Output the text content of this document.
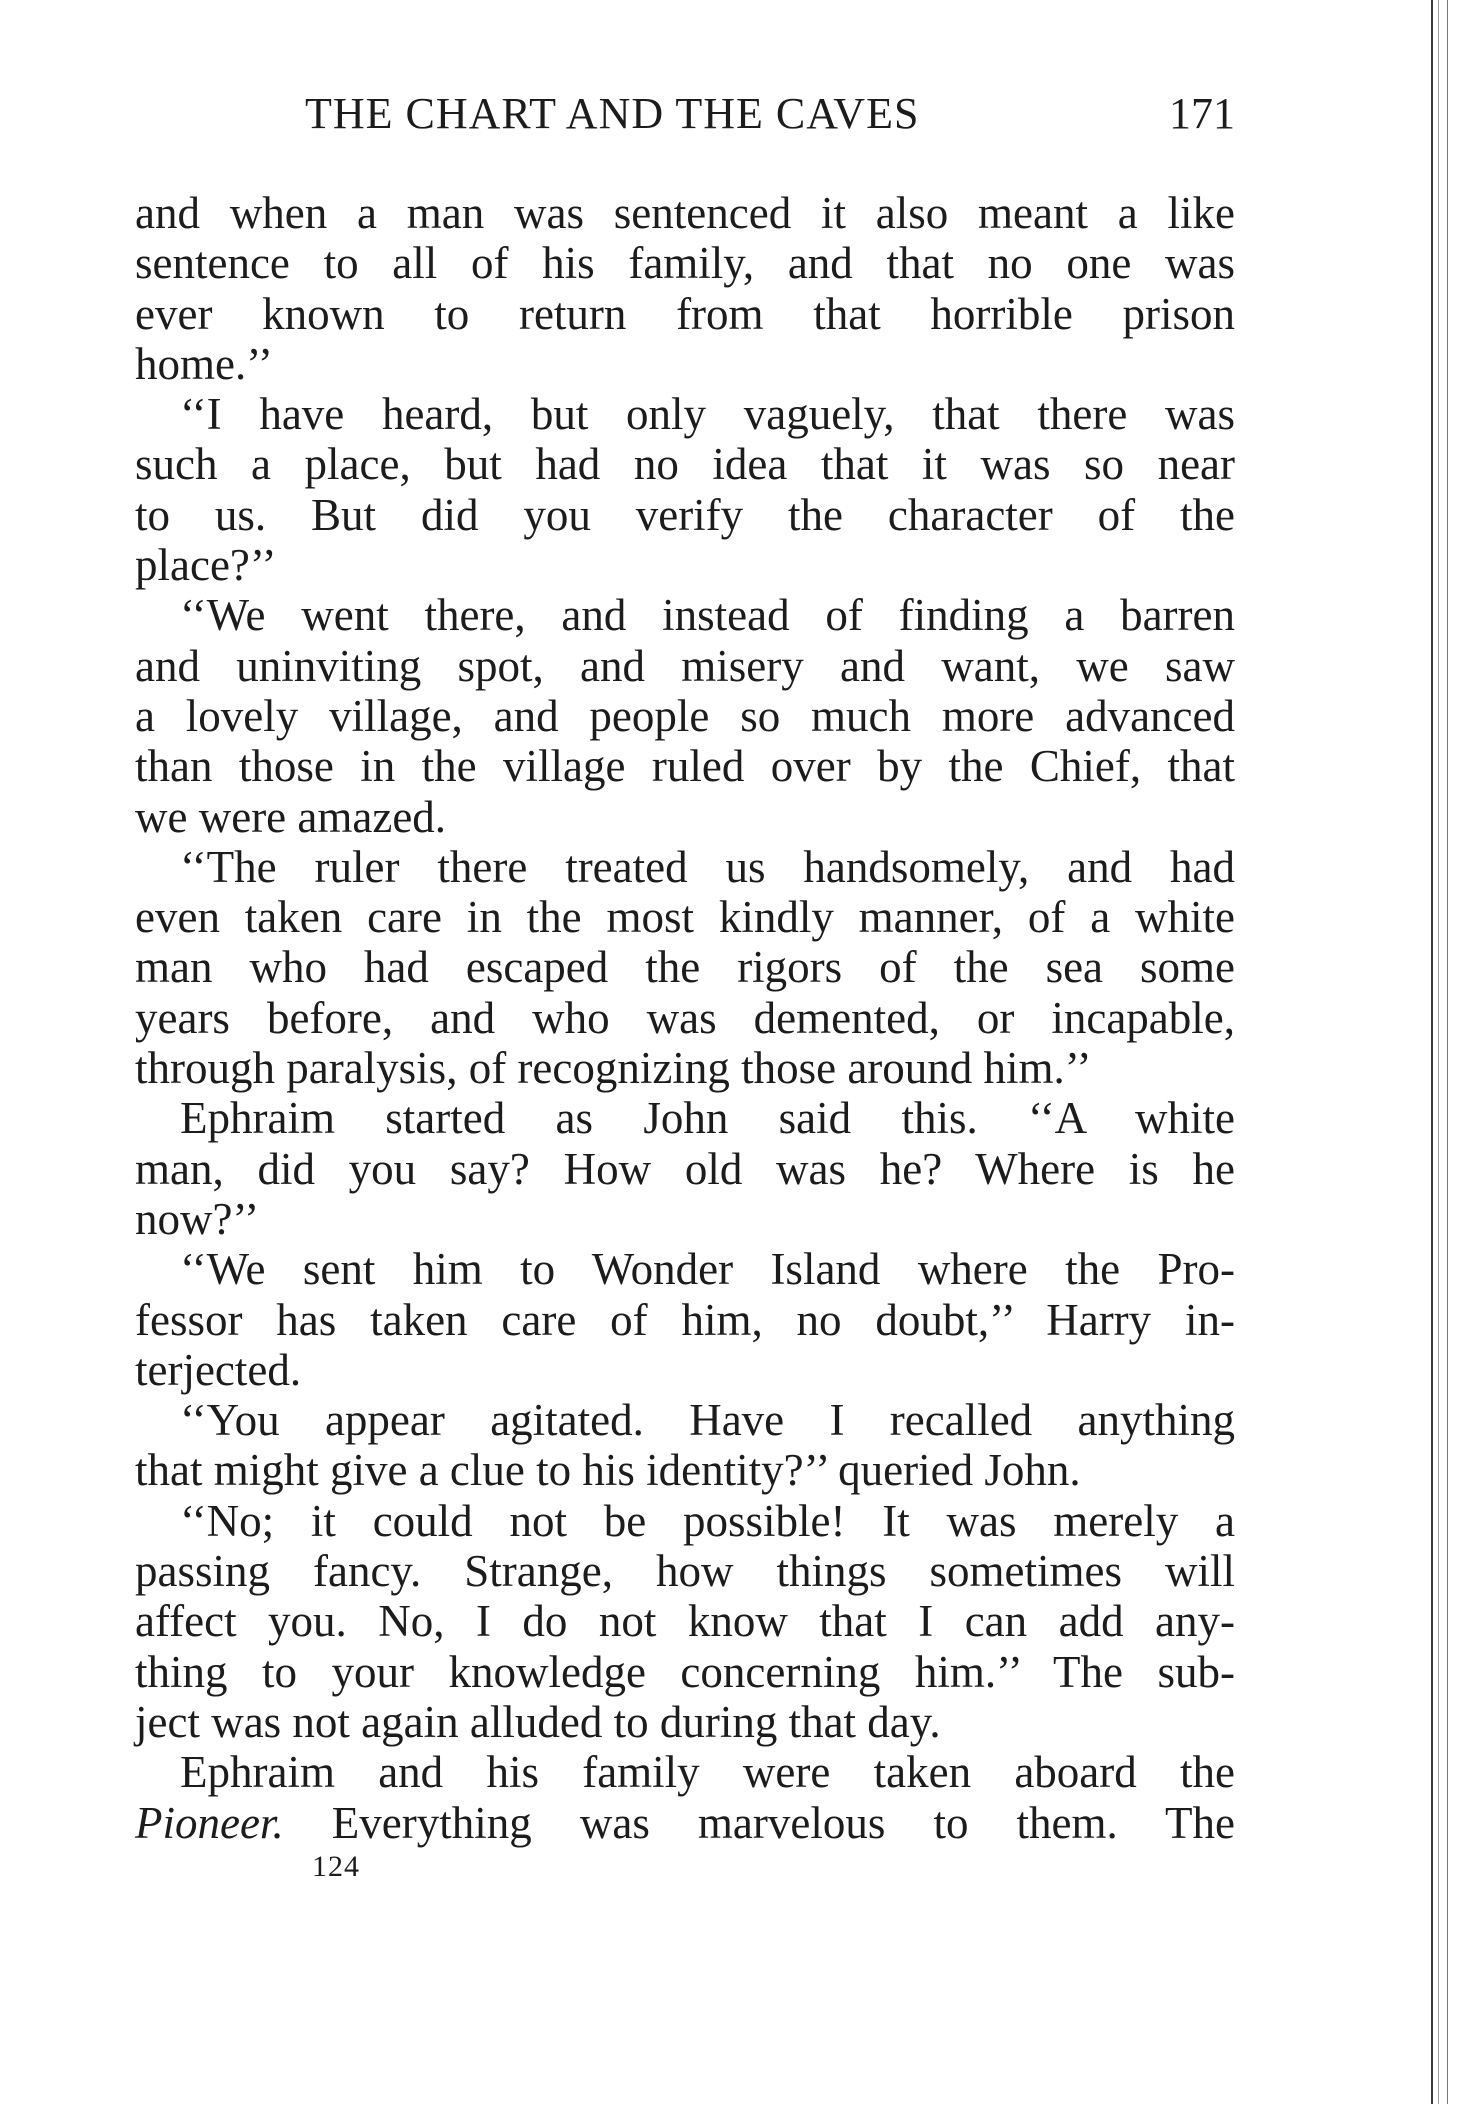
THE CHART AND THE CAVES	171
and when a man was sentenced it also meant a like
sentence to all of his family, and that no one was
ever known to return from that horrible prison
home.’’
‘‘I have heard, but only vaguely, that there was
such a place, but had no idea that it was so near
to us. But did you verify the character of the
place?’’
‘‘We went there, and instead of finding a barren
and uninviting spot, and misery and want, we saw
a lovely village, and people so much more advanced
than those in the village ruled over by the Chief, that
we were amazed.
‘‘The ruler there treated us handsomely, and had
even taken care in the most kindly manner, of a white
man who had escaped the rigors of the sea some
years before, and who was demented, or incapable,
through paralysis, of recognizing those around him.’’
Ephraim started as John said this. ‘‘A white
man, did you say? How old was he? Where is he
now?’’
‘‘We sent him to Wonder Island where the Pro-
fessor has taken care of him, no doubt,’’ Harry in-
terjected.
‘‘You appear agitated. Have I recalled anything
that might give a clue to his identity?’’ queried John.
‘‘No; it could not be possible! It was merely a
passing fancy. Strange, how things sometimes will
affect you. No, I do not know that I can add any-
thing to your knowledge concerning him.’’ The sub-
ject was not again alluded to during that day.
Ephraim and his family were taken aboard the
Pioneer. Everything was marvelous to them. The
124
